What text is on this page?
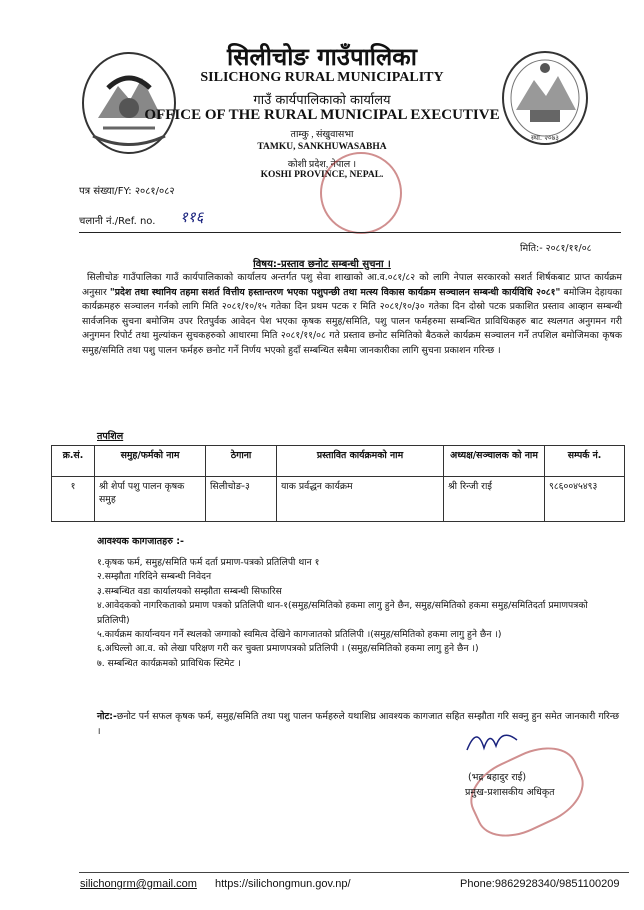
स्था. २०७३
सिलीचोङ गाउँपालिका
SILICHONG RURAL MUNICIPALITY
गाउँ कार्यपालिकाको कार्यालय
OFFICE OF THE RURAL MUNICIPAL EXECUTIVE
ताम्कु , संखुवासभा
TAMKU, SANKHUWASABHA
कोशी प्रदेश, नेपाल ।
KOSHI PROVINCE, NEPAL.
पत्र संख्या/FY: २०८१/०८२
चलानी नं./Ref. no. ११६
मिति:- २०८१/११/०८
विषय:-प्रस्ताव छनोट सम्बन्धी सुचना ।
सिलीचोङ गाउँपालिका गाउँ कार्यपालिकाको कार्यालय अन्तर्गत पशु सेवा शाखाको आ.व.०८१/८२ को लागि नेपाल सरकारको सशर्त शिर्षकबाट प्राप्त कार्यक्रम अनुसार "प्रदेश तथा स्थानिय तहमा सशर्त वित्तीय हस्तान्तरण भएका पशुपन्छी तथा मत्स्य विकास कार्यक्रम सञ्चालन सम्बन्धी कार्यविधि २०८१" बमोजिम देहायका कार्यक्रमहरु सञ्चालन गर्नको लागि मिति २०८१/१०/१५ गतेका दिन प्रथम पटक र मिति २०८१/१०/३० गतेका दिन दोस्रो पटक प्रकाशित प्रस्ताव आव्हान सम्बन्धी सार्वजनिक सुचना बमोजिम उपर रितपुर्वक आवेदन पेश भएका कृषक समुह/समिति, पशु पालन फर्महरुमा सम्बन्धित प्राविधिकहरु बाट स्थलगत अनुगमन गरी अनुगमन रिपोर्ट तथा मुल्यांकन सुचकहरुको आधारमा मिति २०८१/११/०८ गते प्रस्ताव छनोट समितिको बैठकले कार्यक्रम सञ्चालन गर्ने तपशिल बमोजिमका कृषक समुह/समिति तथा पशु पालन फर्महरु छनोट गर्ने निर्णय भएको हुदाँ सम्बन्धित सबैमा जानकारीका लागि सुचना प्रकाशन गरिन्छ ।
तपशिल
क्र.सं.	समुह/फर्मको नाम	ठेगाना	प्रस्तावित कार्यक्रमको नाम	अध्यक्ष/सञ्चालक को नाम	सम्पर्क नं.
१	श्री शेर्पा पशु पालन कृषक समुह	सिलीचोङ-३	याक प्रर्वद्धन कार्यक्रम	श्री रिन्जी राई	९८६००४५४९३
आवश्यक कागजातहरु :-
१.कृषक फर्म, समुह/समिति फर्म दर्ता प्रमाण-पत्रको प्रतिलिपी थान १
२.सम्झौता गरिदिने सम्बन्धी निवेदन
३.सम्बन्धित वडा कार्यालयको सम्झौता सम्बन्धी सिफारिस
४.आवेदकको नागरिकताको प्रमाण पत्रको प्रतिलिपी थान-१(समुह/समितिको हकमा लागु हुने छैन, समुह/समितिको हकमा समुह/समितिदर्ता प्रमाणपत्रको प्रतिलिपी)
५.कार्यक्रम कार्यान्वयन गर्ने स्थलको जग्गाको स्वमित्व देखिने कागजातको प्रतिलिपी ।(समुह/समितिको हकमा लागु हुने छैन ।)
६.अघिल्लो आ.व. को लेखा परिक्षण गरी कर चुक्ता प्रमाणपत्रको प्रतिलिपी । (समुह/समितिको हकमा लागु हुने छैन ।)
७. सम्बन्धित कार्यक्रमको प्राविधिक स्टिमेट ।
नोट:-छनोट पर्न सफल कृषक फर्म, समुह/समिति तथा पशु पालन फर्महरुले यथाशिघ्र आवश्यक कागजात सहित सम्झौता गरि सक्नु हुन समेत जानकारी गरिन्छ ।
(भद्र बहादुर राई)
प्रमुख-प्रशासकीय अधिकृत
silichongrm@gmail.com https://silichongmun.gov.np/	Phone:9862928340/9851100209
